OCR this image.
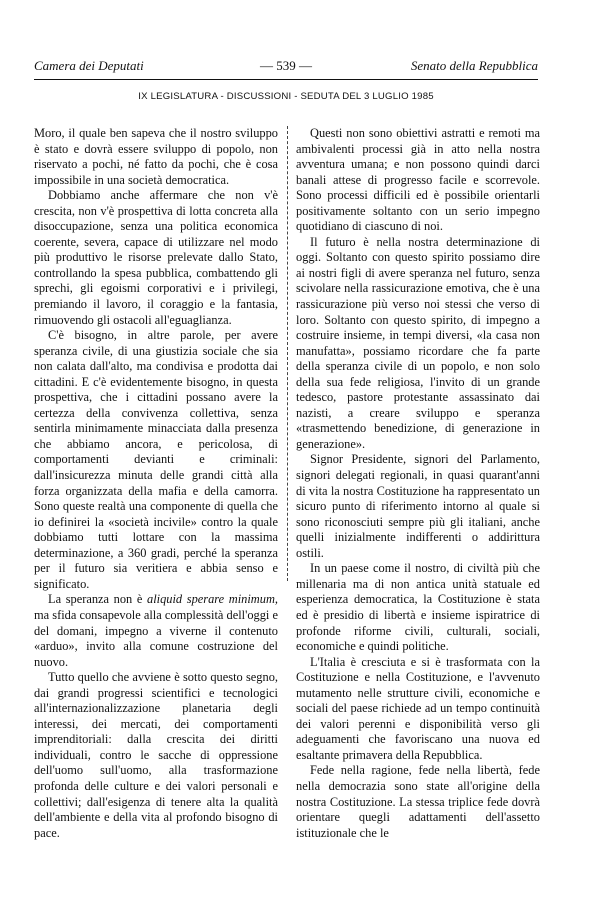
Camera dei Deputati	— 539 —	Senato della Repubblica
IX LEGISLATURA - DISCUSSIONI - SEDUTA DEL 3 LUGLIO 1985

Moro, il quale ben sapeva che il nostro sviluppo è stato e dovrà essere sviluppo di popolo, non riservato a pochi, né fatto da pochi, che è cosa impossibile in una società democratica.

Dobbiamo anche affermare che non v'è crescita, non v'è prospettiva di lotta concreta alla disoccupazione, senza una politica economica coerente, severa, capace di utilizzare nel modo più produttivo le risorse prelevate dallo Stato, controllando la spesa pubblica, combattendo gli sprechi, gli egoismi corporativi e i privilegi, premiando il lavoro, il coraggio e la fantasia, rimuovendo gli ostacoli all'eguaglianza.

C'è bisogno, in altre parole, per avere speranza civile, di una giustizia sociale che sia non calata dall'alto, ma condivisa e prodotta dai cittadini. E c'è evidentemente bisogno, in questa prospettiva, che i cittadini possano avere la certezza della convivenza collettiva, senza sentirla minimamente minacciata dalla presenza che abbiamo ancora, e pericolosa, di comportamenti devianti e criminali: dall'insicurezza minuta delle grandi città alla forza organizzata della mafia e della camorra. Sono queste realtà una componente di quella che io definirei la «società incivile» contro la quale dobbiamo tutti lottare con la massima determinazione, a 360 gradi, perché la speranza per il futuro sia veritiera e abbia senso e significato.

La speranza non è aliquid sperare minimum, ma sfida consapevole alla complessità dell'oggi e del domani, impegno a viverne il contenuto «arduo», invito alla comune costruzione del nuovo.

Tutto quello che avviene è sotto questo segno, dai grandi progressi scientifici e tecnologici all'internazionalizzazione planetaria degli interessi, dei mercati, dei comportamenti imprenditoriali: dalla crescita dei diritti individuali, contro le sacche di oppressione dell'uomo sull'uomo, alla trasformazione profonda delle culture e dei valori personali e collettivi; dall'esigenza di tenere alta la qualità dell'ambiente e della vita al profondo bisogno di pace.

Questi non sono obiettivi astratti e remoti ma ambivalenti processi già in atto nella nostra avventura umana; e non possono quindi darci banali attese di progresso facile e scorrevole. Sono processi difficili ed è possibile orientarli positivamente soltanto con un serio impegno quotidiano di ciascuno di noi.

Il futuro è nella nostra determinazione di oggi. Soltanto con questo spirito possiamo dire ai nostri figli di avere speranza nel futuro, senza scivolare nella rassicurazione emotiva, che è una rassicurazione più verso noi stessi che verso di loro. Soltanto con questo spirito, di impegno a costruire insieme, in tempi diversi, «la casa non manufatta», possiamo ricordare che fa parte della speranza civile di un popolo, e non solo della sua fede religiosa, l'invito di un grande tedesco, pastore protestante assassinato dai nazisti, a creare sviluppo e speranza «trasmettendo benedizione, di generazione in generazione».

Signor Presidente, signori del Parlamento, signori delegati regionali, in quasi quarant'anni di vita la nostra Costituzione ha rappresentato un sicuro punto di riferimento intorno al quale si sono riconosciuti sempre più gli italiani, anche quelli inizialmente indifferenti o addirittura ostili.

In un paese come il nostro, di civiltà più che millenaria ma di non antica unità statuale ed esperienza democratica, la Costituzione è stata ed è presidio di libertà e insieme ispiratrice di profonde riforme civili, culturali, sociali, economiche e quindi politiche.

L'Italia è cresciuta e si è trasformata con la Costituzione e nella Costituzione, e l'avvenuto mutamento nelle strutture civili, economiche e sociali del paese richiede ad un tempo continuità dei valori perenni e disponibilità verso gli adeguamenti che favoriscano una nuova ed esaltante primavera della Repubblica.

Fede nella ragione, fede nella libertà, fede nella democrazia sono state all'origine della nostra Costituzione. La stessa triplice fede dovrà orientare quegli adattamenti dell'assetto istituzionale che le
